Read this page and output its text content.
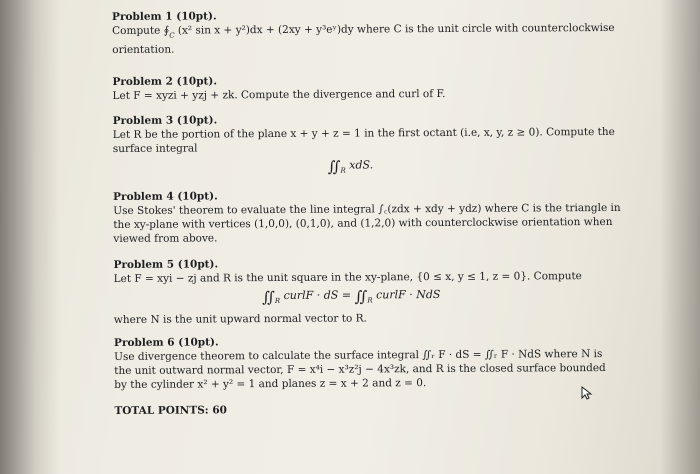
Problem 1 (10pt).
Compute $∮_C$ (x² sin x + y²)dx + (2xy + y³eʸ)dy where C is the unit circle with counterclockwise
orientation.
Problem 2 (10pt).
Let F = xyzi + yzj + zk. Compute the divergence and curl of F.
Problem 3 (10pt).
Let R be the portion of the plane x + y + z = 1 in the first octant (i.e, x, y, z ≥ 0). Compute the
surface integral
$∬_R$ xdS.
Problem 4 (10pt).
Use Stokes' theorem to evaluate the line integral ∫꜀(zdx + xdy + ydz) where C is the triangle in
the xy-plane with vertices (1,0,0), (0,1,0), and (1,2,0) with counterclockwise orientation when
viewed from above.
Problem 5 (10pt).
Let F = xyi − zj and R is the unit square in the xy-plane, {0 ≤ x, y ≤ 1, z = 0}. Compute
$∬_R$ curlF · dS = $∬_R$ curlF · NdS
where N is the unit upward normal vector to R.
Problem 6 (10pt).
Use divergence theorem to calculate the surface integral ∬ᵣ F · dS = ∬ᵣ F · NdS where N is
the unit outward normal vector, F = x⁴i − x³z²j − 4x³zk, and R is the closed surface bounded
by the cylinder x² + y² = 1 and planes z = x + 2 and z = 0.
TOTAL POINTS: 60
